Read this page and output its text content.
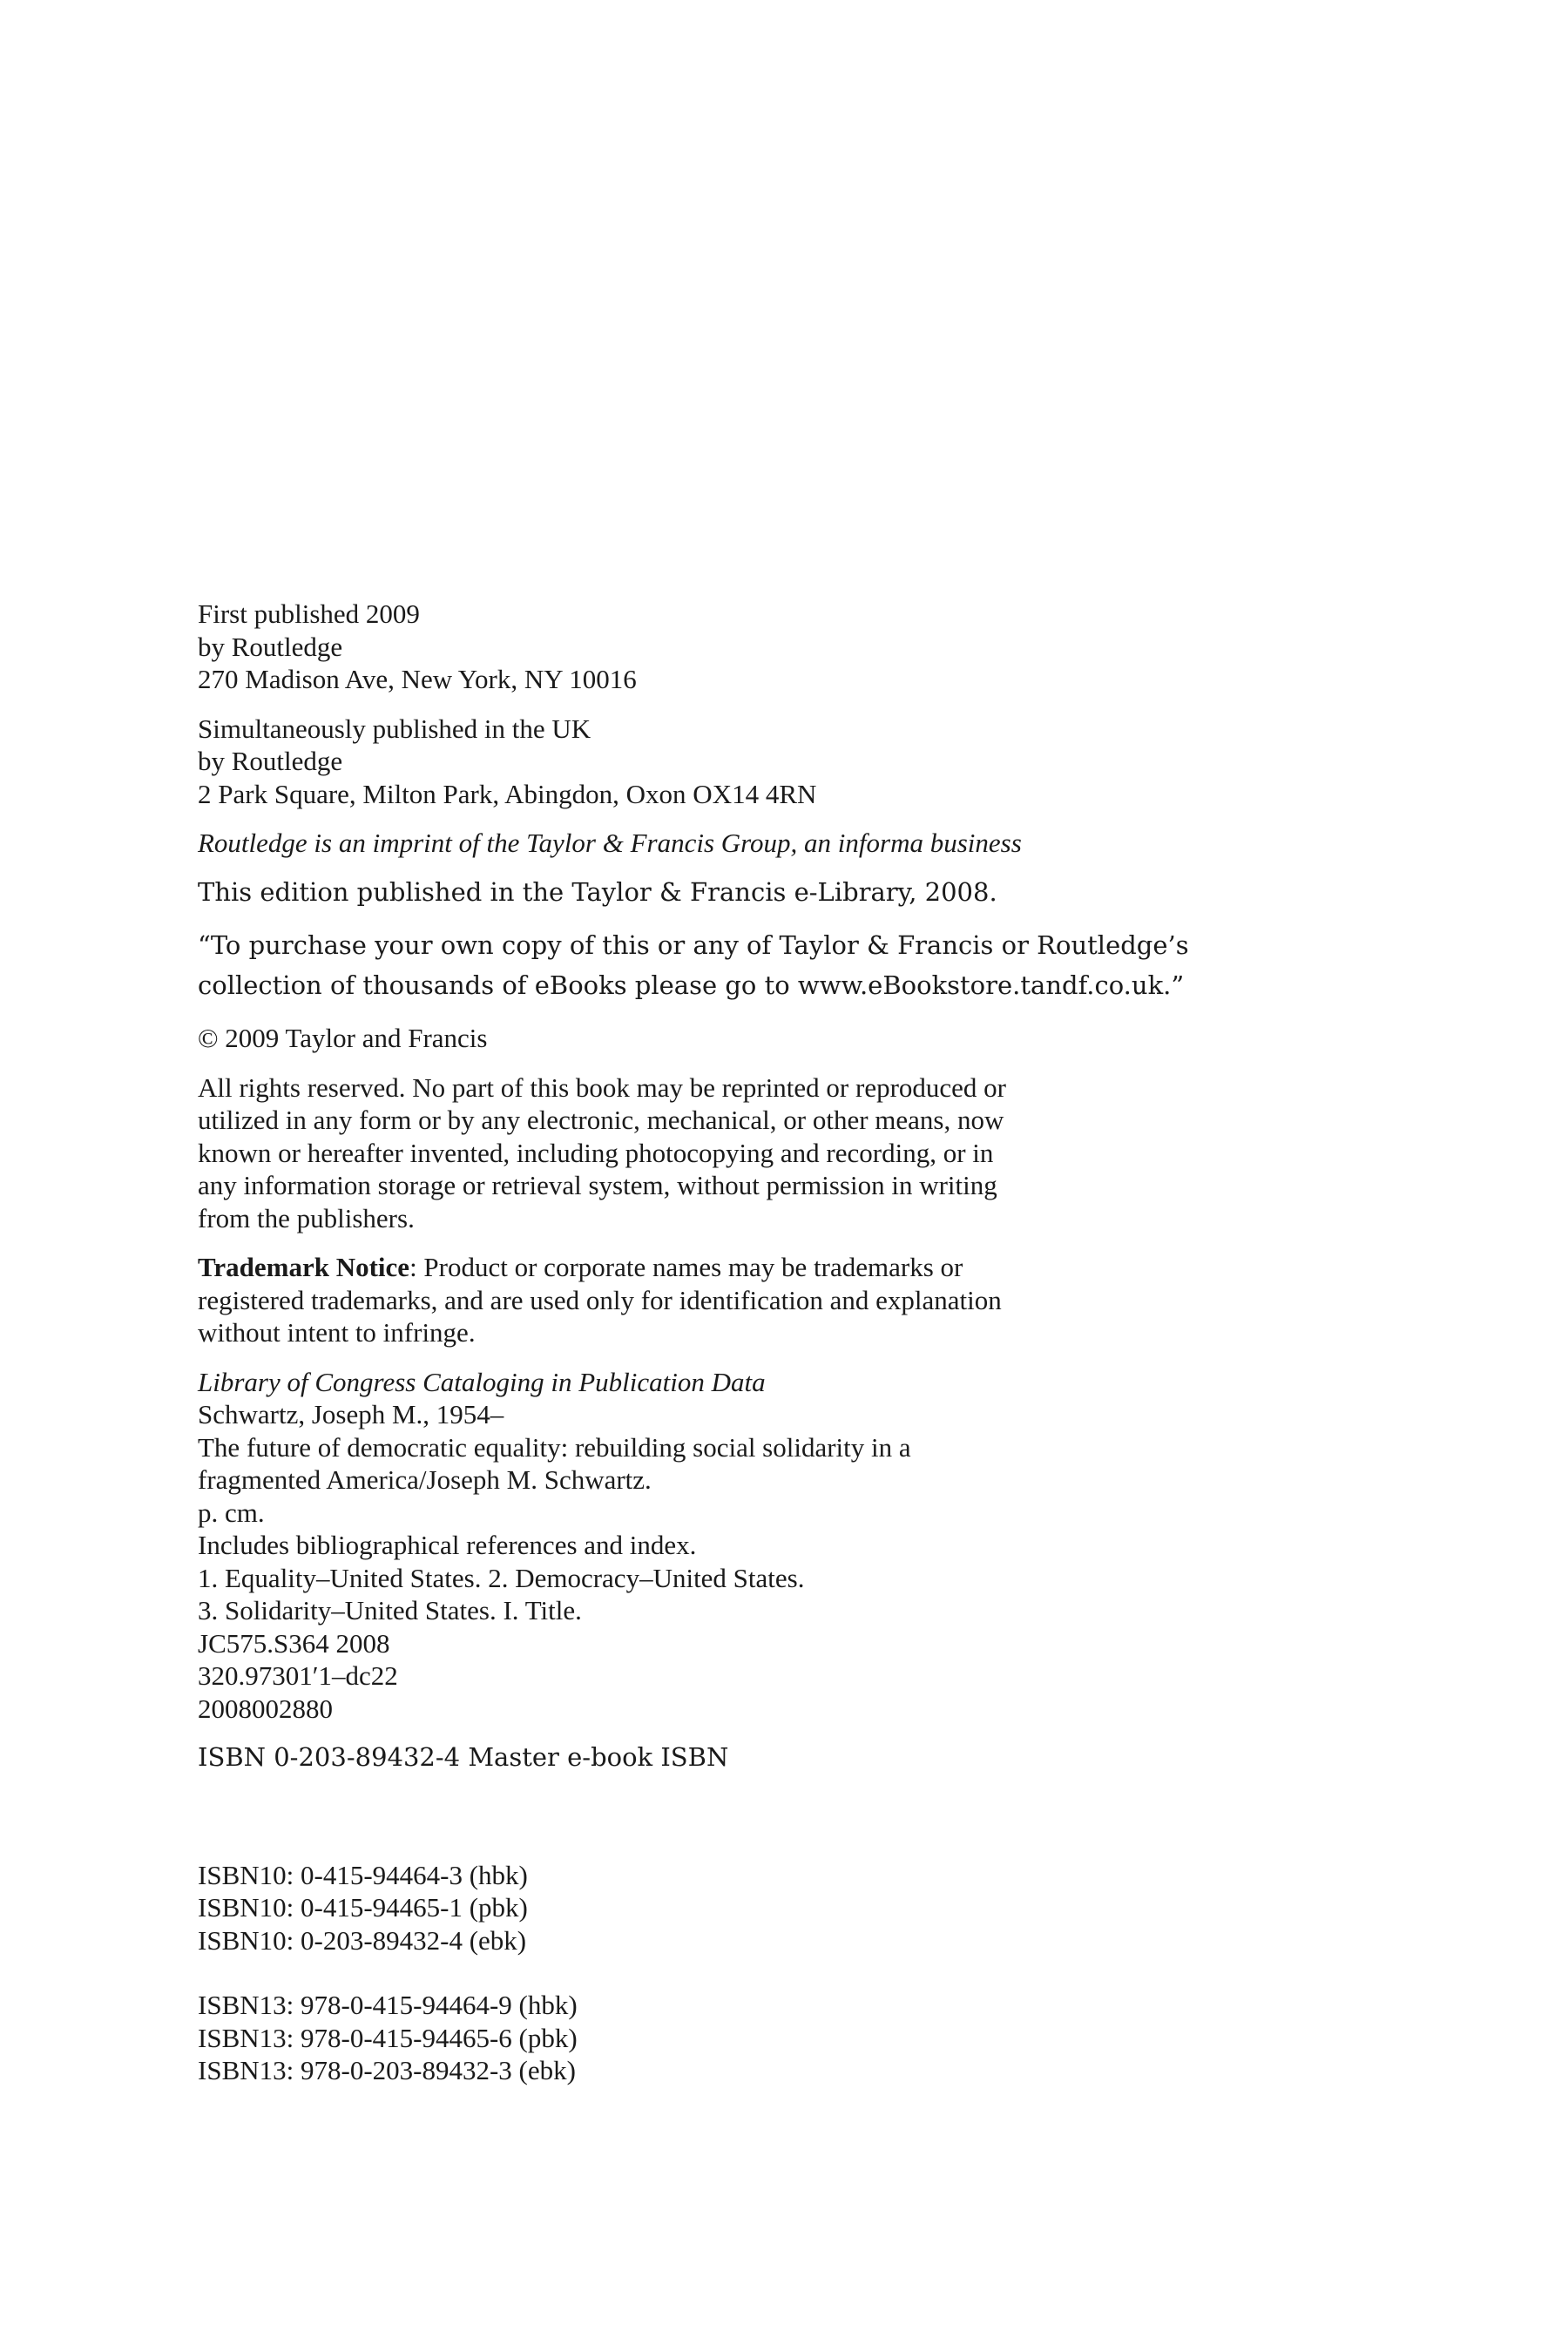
First published 2009
by Routledge
270 Madison Ave, New York, NY 10016
Simultaneously published in the UK
by Routledge
2 Park Square, Milton Park, Abingdon, Oxon OX14 4RN
Routledge is an imprint of the Taylor & Francis Group, an informa business
This edition published in the Taylor & Francis e-Library, 2008.
“To purchase your own copy of this or any of Taylor & Francis or Routledge’s
collection of thousands of eBooks please go to www.eBookstore.tandf.co.uk.”
© 2009 Taylor and Francis
All rights reserved. No part of this book may be reprinted or reproduced or
utilized in any form or by any electronic, mechanical, or other means, now
known or hereafter invented, including photocopying and recording, or in
any information storage or retrieval system, without permission in writing
from the publishers.
Trademark Notice: Product or corporate names may be trademarks or
registered trademarks, and are used only for identification and explanation
without intent to infringe.
Library of Congress Cataloging in Publication Data
Schwartz, Joseph M., 1954–
The future of democratic equality: rebuilding social solidarity in a
fragmented America/Joseph M. Schwartz.
p. cm.
Includes bibliographical references and index.
1. Equality–United States. 2. Democracy–United States.
3. Solidarity–United States. I. Title.
JC575.S364 2008
320.97301′1–dc22
2008002880
ISBN 0-203-89432-4 Master e-book ISBN
ISBN10: 0-415-94464-3 (hbk)
ISBN10: 0-415-94465-1 (pbk)
ISBN10: 0-203-89432-4 (ebk)
ISBN13: 978-0-415-94464-9 (hbk)
ISBN13: 978-0-415-94465-6 (pbk)
ISBN13: 978-0-203-89432-3 (ebk)
